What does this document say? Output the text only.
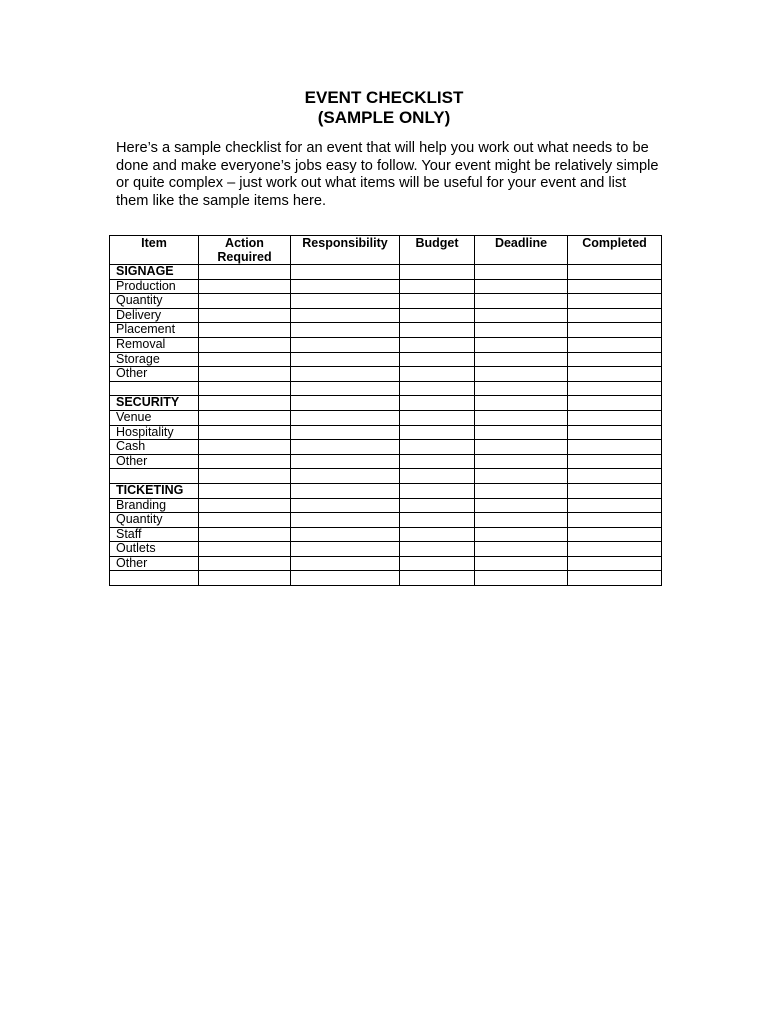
EVENT CHECKLIST
(SAMPLE ONLY)

Here’s a sample checklist for an event that will help you work out what needs to be done and make everyone’s jobs easy to follow. Your event might be relatively simple or quite complex – just work out what items will be useful for your event and list them like the sample items here.

Item	Action Required	Responsibility	Budget	Deadline	Completed
SIGNAGE					
Production					
Quantity					
Delivery					
Placement					
Removal					
Storage					
Other					

SECURITY					
Venue					
Hospitality					
Cash					
Other					

TICKETING					
Branding					
Quantity					
Staff					
Outlets					
Other					
